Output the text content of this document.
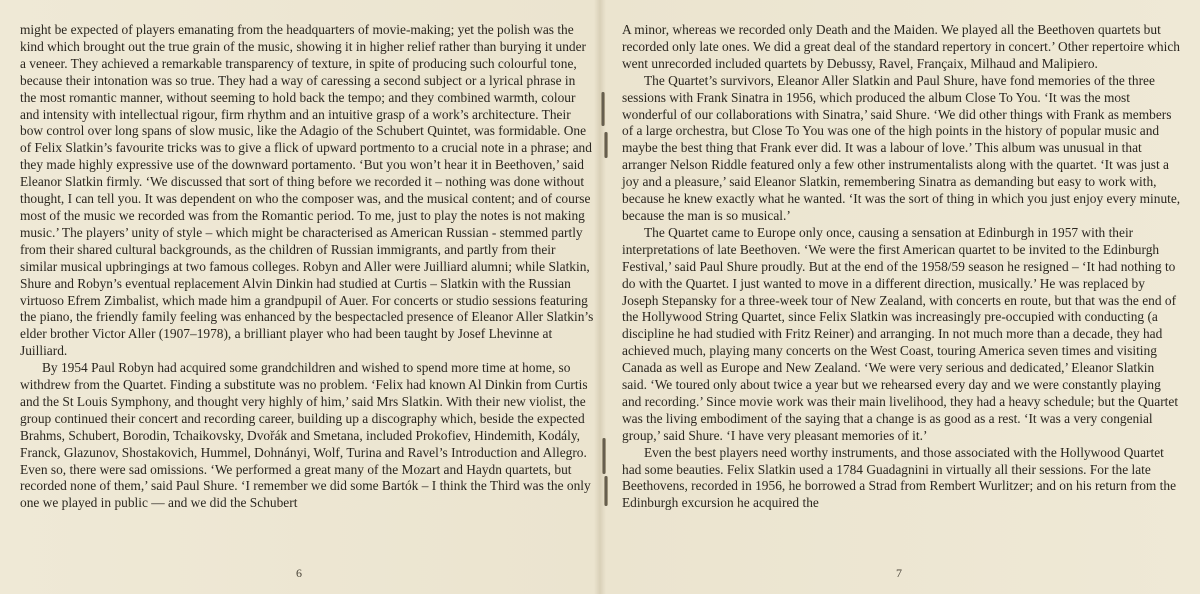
might be expected of players emanating from the headquarters of movie-making; yet the polish was the kind which brought out the true grain of the music, showing it in higher relief rather than burying it under a veneer. They achieved a remarkable transparency of texture, in spite of producing such colourful tone, because their intonation was so true. They had a way of caressing a second subject or a lyrical phrase in the most romantic manner, without seeming to hold back the tempo; and they combined warmth, colour and intensity with intellectual rigour, firm rhythm and an intuitive grasp of a work’s architecture. Their bow control over long spans of slow music, like the Adagio of the Schubert Quintet, was formidable. One of Felix Slatkin’s favourite tricks was to give a flick of upward portmento to a crucial note in a phrase; and they made highly expressive use of the downward portamento. ‘But you won’t hear it in Beethoven,’ said Eleanor Slatkin firmly. ‘We discussed that sort of thing before we recorded it – nothing was done without thought, I can tell you. It was dependent on who the composer was, and the musical content; and of course most of the music we recorded was from the Romantic period. To me, just to play the notes is not making music.’ The players’ unity of style – which might be characterised as American Russian - stemmed partly from their shared cultural backgrounds, as the children of Russian immigrants, and partly from their similar musical upbringings at two famous colleges. Robyn and Aller were Juilliard alumni; while Slatkin, Shure and Robyn’s eventual replacement Alvin Dinkin had studied at Curtis – Slatkin with the Russian virtuoso Efrem Zimbalist, which made him a grandpupil of Auer. For concerts or studio sessions featuring the piano, the friendly family feeling was enhanced by the bespectacled presence of Eleanor Aller Slatkin’s elder brother Victor Aller (1907–1978), a brilliant player who had been taught by Josef Lhevinne at Juilliard.

By 1954 Paul Robyn had acquired some grandchildren and wished to spend more time at home, so withdrew from the Quartet. Finding a substitute was no problem. ‘Felix had known Al Dinkin from Curtis and the St Louis Symphony, and thought very highly of him,’ said Mrs Slatkin. With their new violist, the group continued their concert and recording career, building up a discography which, beside the expected Brahms, Schubert, Borodin, Tchaikovsky, Dvořák and Smetana, included Prokofiev, Hindemith, Kodály, Franck, Glazunov, Shostakovich, Hummel, Dohnányi, Wolf, Turina and Ravel’s Introduction and Allegro. Even so, there were sad omissions. ‘We performed a great many of the Mozart and Haydn quartets, but recorded none of them,’ said Paul Shure. ‘I remember we did some Bartók – I think the Third was the only one we played in public — and we did the Schubert

6

A minor, whereas we recorded only Death and the Maiden. We played all the Beethoven quartets but recorded only late ones. We did a great deal of the standard repertory in concert.’ Other repertoire which went unrecorded included quartets by Debussy, Ravel, Françaix, Milhaud and Malipiero.

The Quartet’s survivors, Eleanor Aller Slatkin and Paul Shure, have fond memories of the three sessions with Frank Sinatra in 1956, which produced the album Close To You. ‘It was the most wonderful of our collaborations with Sinatra,’ said Shure. ‘We did other things with Frank as members of a large orchestra, but Close To You was one of the high points in the history of popular music and maybe the best thing that Frank ever did. It was a labour of love.’ This album was unusual in that arranger Nelson Riddle featured only a few other instrumentalists along with the quartet. ‘It was just a joy and a pleasure,’ said Eleanor Slatkin, remembering Sinatra as demanding but easy to work with, because he knew exactly what he wanted. ‘It was the sort of thing in which you just enjoy every minute, because the man is so musical.’

The Quartet came to Europe only once, causing a sensation at Edinburgh in 1957 with their interpretations of late Beethoven. ‘We were the first American quartet to be invited to the Edinburgh Festival,’ said Paul Shure proudly. But at the end of the 1958/59 season he resigned – ‘It had nothing to do with the Quartet. I just wanted to move in a different direction, musically.’ He was replaced by Joseph Stepansky for a three-week tour of New Zealand, with concerts en route, but that was the end of the Hollywood String Quartet, since Felix Slatkin was increasingly pre-occupied with conducting (a discipline he had studied with Fritz Reiner) and arranging. In not much more than a decade, they had achieved much, playing many concerts on the West Coast, touring America seven times and visiting Canada as well as Europe and New Zealand. ‘We were very serious and dedicated,’ Eleanor Slatkin said. ‘We toured only about twice a year but we rehearsed every day and we were constantly playing and recording.’ Since movie work was their main livelihood, they had a heavy schedule; but the Quartet was the living embodiment of the saying that a change is as good as a rest. ‘It was a very congenial group,’ said Shure. ‘I have very pleasant memories of it.’

Even the best players need worthy instruments, and those associated with the Hollywood Quartet had some beauties. Felix Slatkin used a 1784 Guadagnini in virtually all their sessions. For the late Beethovens, recorded in 1956, he borrowed a Strad from Rembert Wurlitzer; and on his return from the Edinburgh excursion he acquired the

7
